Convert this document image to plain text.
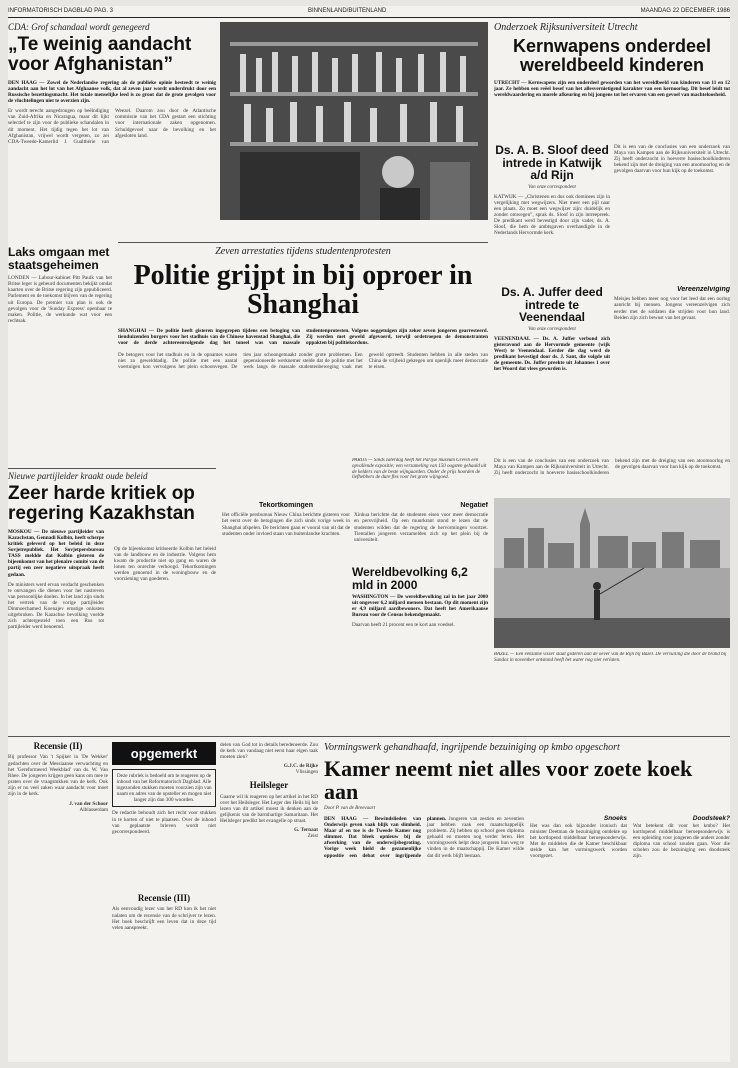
INFORMATORISCH DAGBLAD PAG. 3	BINNENLAND/BUITENLAND	MAANDAG 22 DECEMBER 1986
CDA: Grof schandaal wordt genegeerd
„Te weinig aandacht voor Afghanistan”
DEN HAAG — Zowel de Nederlandse regering als de publieke opinie besteedt te weinig aandacht aan het lot van het Afghaanse volk, dat al zeven jaar wordt onderdrukt door een Russische bezettingsmacht. Het totale menselijke leed is zo groot dat de grote gevolgen voor de vluchtelingen niet te overzien zijn.
Er wordt terecht aangedrongen op beëindiging van Zuid-Afrika en Nicaragua, maar dit lijkt selectief te zijn voor de publieke schandalen in dit moment. Het tijdig tegen het lot van Afghanistan, vrijwel wordt vergeten, zo zei CDA-Tweede-Kamerlid J. Gualthérie van Weezel. Daarom zou door de Atlantische commissie van het CDA gestart een stichting voor internationale zaken opgenomen. Schuldgevoel naar de bevolking en het afgesloten land.
Laks omgaan met staatsgeheimen
LONDEN — Labour-kabinet Pitt Paulk van het Britse leger is gebeurd documenten bekijkt omdat kaarten over de Britse regering zijn gepubliceerd. Parlement en de toekomst blijven van de regering uit Europa. De premier van plan is ook de gevolgen voor de 'Sunday Express' openbaar te maken. Politie, de wetkunde wat voor een rechtsak.
Zeven arrestaties tijdens studentenprotesten
Politie grijpt in bij oproer in Shanghai
SHANGHAI — De politie heeft gisteren ingegrepen tijdens een betoging van tienduizenden burgers voor het stadhuis van de Chinese havenstad Shanghai, die voor de derde achtereenvolgende dag het toneel was van massale studentenprotesten. Volgens ooggetuigen zijn zeker zeven jongeren gearresteerd. Zij werden met geweld afgevoerd, terwijl ordetroepen de demonstranten oppakten bij politiekordons.
De betogers voor het stadhuis en in de opnames waren niet zo gewelddadig. De politie met een aantal voertuigen kon vervolgens het plein schoonvegen. De tien jaar schoongemaakt zonder grote problemen. Een gepensioneerde werknemer stelde dat de politie met het werk langs de massale studentenbeweging vaak met geweld optreedt. Studenten hebben in alle steden van China de vrijheid gekregen om openlijk meer democratie te eisen.
Nieuwe partijleider kraakt oude beleid
Zeer harde kritiek op regering Kazakhstan
MOSKOU — De nieuwe partijleider van Kazachstan, Gennadi Kolbin, heeft scherpe kritiek geleverd op het beleid in deze Sovjetrepubliek. Het Sovjetpersbureau TASS meldde dat Kolbin gisteren de bijeenkomst van het plenaire comité van de partij een zeer negatieve uitspraak heeft gedaan.
De ministers werd ervan verdacht geschenken te ontvangen die dienen voor het nastreven van persoonlijke doelen. In het land zijn sinds het vertrek van de vorige partijleider Dinmoechamed Koenajev ernstige onlusten uitgebroken. De Kazachse bevolking voelde zich achtergesteld toen een Rus tot partijleider werd benoemd.
Op de bijeenkomst kritiseerde Kolbin het beleid van de landbouw en de industrie. Volgens hem kwam de productie niet op gang en waren de lonen ten onrechte verhoogd. Tekortkomingen werden genoemd in de woningbouw en de voorziening van goederen.
Tekortkomingen
Het officiële persbureau Nieuw China berichtte gisteren voor het eerst over de betogingen die zich sinds vorige week in Shanghai afspelen. De berichten gaan er vooral van uit dat de studenten onder invloed staan van buitenlandse krachten.
Negatief
Xinhua berichtte dat de studenten eisen voor meer democratie en persvrijheid. Op een muurkrant stond te lezen dat de studenten wilden dat de regering de hervormingen voortzet. Tientallen jongeren verzamelden zich op het plein bij de universiteit.
Onderzoek Rijksuniversiteit Utrecht
Kernwapens onderdeel wereldbeeld kinderen
UTRECHT — Kernwapens zijn een onderdeel geworden van het wereldbeeld van kinderen van 11 en 12 jaar. Ze hebben een reëel besef van het allesvernietigend karakter van een kernoorlog. Dit besef leidt tot wereldwaardering en morele afkeuring en bij jongens tot het ervaren van een gevoel van machteloosheid.
Ds. A. B. Sloof deed intrede in Katwijk a/d Rijn
Van onze correspondent
KATWIJK — „Christenen en dus ook dominees zijn in vergelijking met wegwijzers. Niet meer een pijl naar een plaats. Zo moet een wegwijzer zijn: duidelijk en zonder omwegen”, sprak ds. Sloof in zijn intreepreek. De predikant werd bevestigd door zijn vader, ds. A. Sloof, die hem de ambtsgaven overhandigde in de Nederlands Hervormde kerk.
Dit is een van de conclusies van een onderzoek van Maya van Kampen aan de Rijksuniversiteit in Utrecht. Zij heeft onderzocht in hoeverre basisschoolkinderen bekend zijn met de dreiging van een atoomoorlog en de gevolgen daarvan voor hun kijk op de toekomst.
Ds. A. Juffer deed intrede te Veenendaal
Van onze correspondent
VEENENDAAL — Ds. A. Juffer verbond zich gisteravond aan de Hervormde gemeente (wijk West) te Veenendaal. Eerder die dag werd de predikant bevestigd door ds. J. Sant, die volgde uit de gemeente. Ds. Juffer preekte uit Johannes 1 over het Woord dat vlees geworden is.
Vereenzelviging
Meisjes hebben meer oog voor het leed dat een oorlog aanricht bij mensen. Jongens vereenzelvigen zich eerder met de soldaten die strijden voor hun land. Beiden zijn zich bewust van het gevaar.
Wereldbevolking 6,2 mld in 2000
WASHINGTON — De wereldbevolking zal in het jaar 2000 uit ongeveer 6,2 miljard mensen bestaan. Op dit moment zijn er 4,9 miljard aardbewoners. Dat heeft het Amerikaanse Bureau voor de Census bekendgemaakt.
Daarvan heeft 21 procent een te kort aan voedsel.
BAZEL — Een eenzame visser staat gisteren aan de oever van de Rijn bij Bazel. De vervuiling die door de brand bij Sandoz in november ontstond heeft het water nog niet verlaten.
PARIJS — Sinds zaterdag heeft het Parijse museum Grévin een opvallende expositie; een verzameling van 150 oogsten gehaald uit de kelders van de beste wijngaarden. Onder de prijs hoorden de liefhebbers de dure fles voor het grote wijngoed.
Dit is een van de conclusies van een onderzoek van Maya van Kampen aan de Rijksuniversiteit in Utrecht. Zij heeft onderzocht in hoeverre basisschoolkinderen bekend zijn met de dreiging van een atoomoorlog en de gevolgen daarvan voor hun kijk op de toekomst.
Recensie (II)
Bij professor Van 't Spijker in 'De Wekker' gedachten over de Messiaanse verwachting en het 'Gereformeerd Weekblad' van ds. W. Van Rhee. De jongeren krijgen geen kans om mee te praten over de vraagstukken van de kerk. Ook zijn er nu veel zaken waar aandacht voor moet zijn in de kerk.
J. van der Schoor
Alblasserdam
opgemerkt
Deze rubriek is bedoeld om te reageren op de inhoud van het Reformatorisch Dagblad. Alle ingezonden stukken moeten voorzien zijn van naam en adres van de opsteller en mogen niet langer zijn dan 300 woorden.
De redactie behoudt zich het recht voor stukken in te korten of niet te plaatsen. Over de inhoud van geplaatste brieven wordt niet gecorrespondeerd.
Recensie (III)
Als eenvoudig lezer van het RD kon ik het niet nalaten om de recensie van de schrijver te lezen. Het boek beschrijft een leven dat in deze tijd velen aanspreekt.
delen van God tot in details beredeneerde. Zou de kerk van vandaag niet eerst haar eigen taak moeten zien?
G.J.C. de Rijke
Vlissingen
Heilsleger
Gaarne wil ik reageren op het artikel in het RD over het Heilsleger. Het Leger des Heils bij het lezen van dit artikel moest ik denken aan de gelijkenis van de barmhartige Samaritaan. Het Heilsleger predikt het evangelie op straat.
G. Ternaat
Zeist
Vormingswerk gehandhaafd, ingrijpende bezuiniging op kmbo opgeschort
Kamer neemt niet alles voor zoete koek aan
Door P. van de Breevaart
DEN HAAG — Bewindslieden van Onderwijs geven vaak blijk van slimheid. Maar af en toe is de Tweede Kamer nog slimmer. Dat bleek opnieuw bij de afwerking van de onderwijsbegroting. Vorige week hield de gezamenlijke oppositie een debat over ingrijpende plannen. Jongeren van zestien en zeventien jaar hebben vaak een maatschappelijk probleem. Zij hebben op school geen diploma gehaald en moeten nog verder leren. Het vormingswerk helpt deze jongeren hun weg te vinden in de maatschappij. De Kamer wilde dat dit werk blijft bestaan.
Snoeks
Het was dan ook bijzonder ironisch dat minister Deetman de bezuiniging ontdekte op het kortlopend middelbaar beroepsonderwijs. Met de middelen die de Kamer beschikbaar stelde kan het vormingswerk worden voortgezet.
Doodsteek?
Wat betekent dit voor het kmbo? Het kortlopend middelbaar beroepsonderwijs is een opleiding voor jongeren die anders zonder diploma van school zouden gaan. Voor die scholen zou de bezuiniging een doodsteek zijn.
